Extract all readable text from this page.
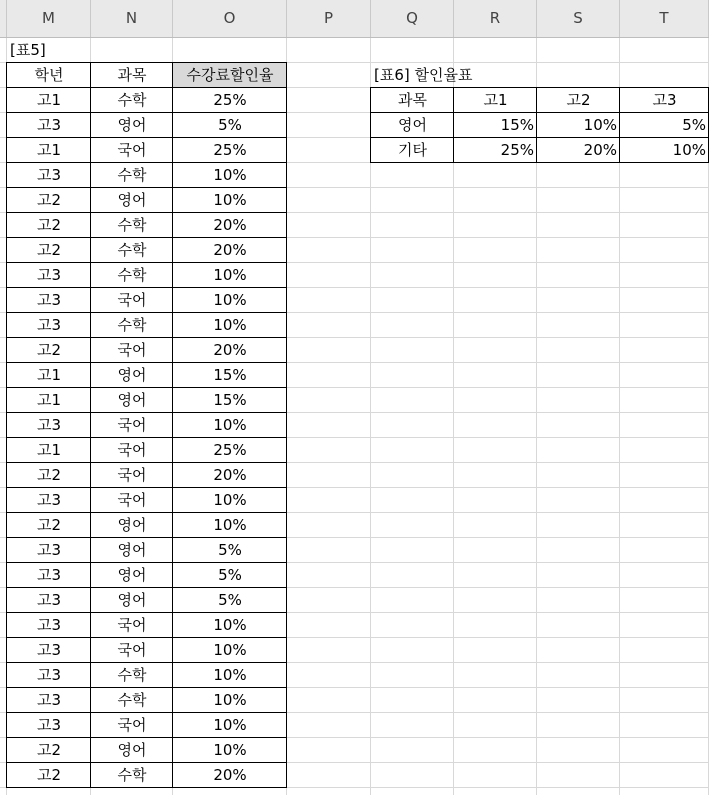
M	N	O	P	Q	R	S	T
[표5]
학년	과목	수강료할인율
고1	수학	25%
고3	영어	5%
고1	국어	25%
고3	수학	10%
고2	영어	10%
고2	수학	20%
고2	수학	20%
고3	수학	10%
고3	국어	10%
고3	수학	10%
고2	국어	20%
고1	영어	15%
고1	영어	15%
고3	국어	10%
고1	국어	25%
고2	국어	20%
고3	국어	10%
고2	영어	10%
고3	영어	5%
고3	영어	5%
고3	영어	5%
고3	국어	10%
고3	국어	10%
고3	수학	10%
고3	수학	10%
고3	국어	10%
고2	영어	10%
고2	수학	20%
[표6] 할인율표
과목	고1	고2	고3
영어	15%	10%	5%
기타	25%	20%	10%
